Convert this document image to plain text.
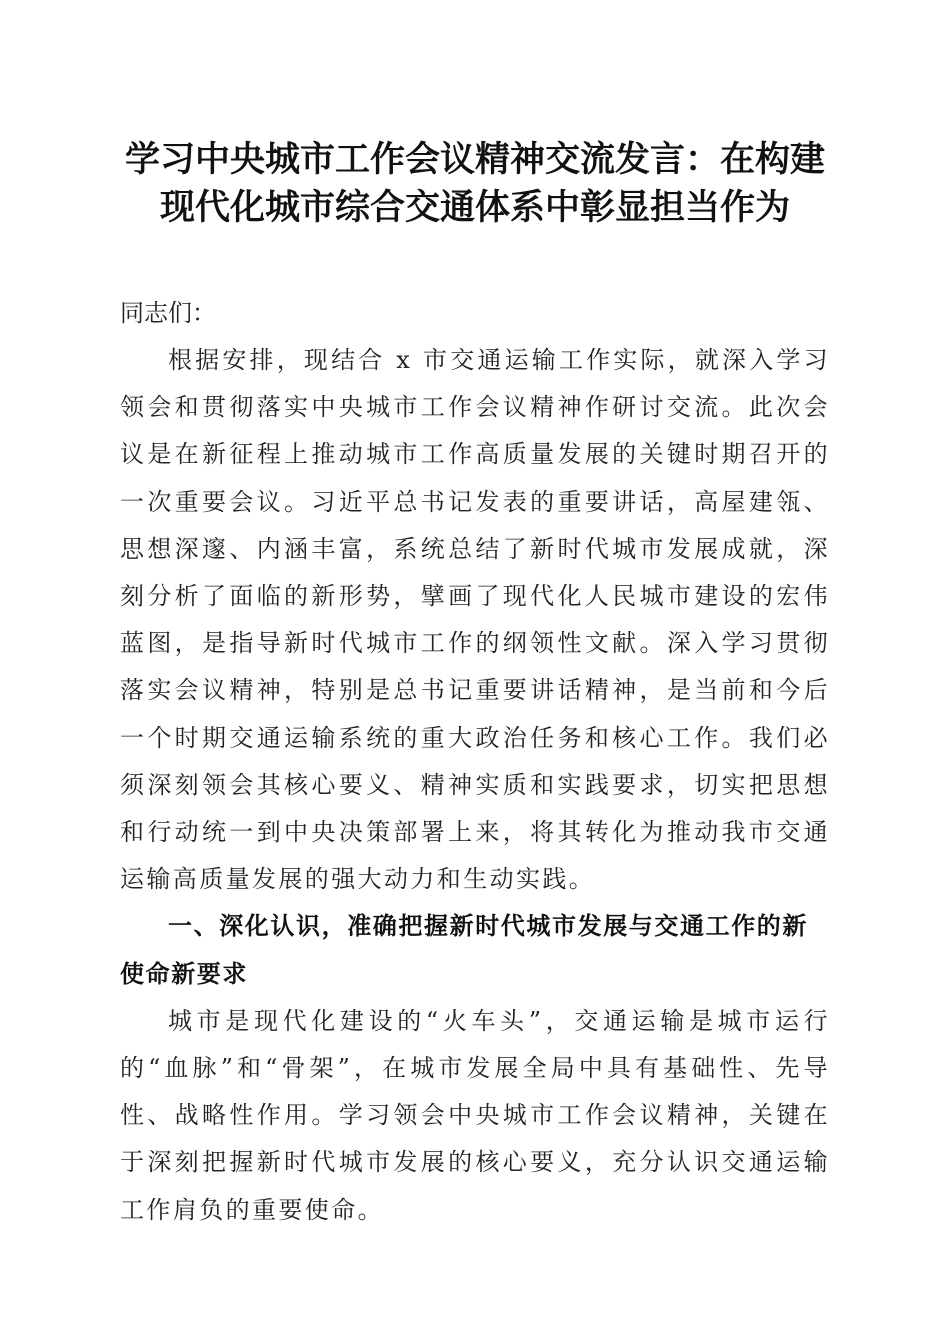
学习中央城市工作会议精神交流发言：在构建
现代化城市综合交通体系中彰显担当作为

同志们：

根据安排，现结合 x 市交通运输工作实际，就深入学习领会和贯彻落实中央城市工作会议精神作研讨交流。此次会议是在新征程上推动城市工作高质量发展的关键时期召开的一次重要会议。习近平总书记发表的重要讲话，高屋建瓴、思想深邃、内涵丰富，系统总结了新时代城市发展成就，深刻分析了面临的新形势，擘画了现代化人民城市建设的宏伟蓝图，是指导新时代城市工作的纲领性文献。深入学习贯彻落实会议精神，特别是总书记重要讲话精神，是当前和今后一个时期交通运输系统的重大政治任务和核心工作。我们必须深刻领会其核心要义、精神实质和实践要求，切实把思想和行动统一到中央决策部署上来，将其转化为推动我市交通运输高质量发展的强大动力和生动实践。

一、深化认识，准确把握新时代城市发展与交通工作的新使命新要求

城市是现代化建设的“火车头”，交通运输是城市运行的“血脉”和“骨架”，在城市发展全局中具有基础性、先导性、战略性作用。学习领会中央城市工作会议精神，关键在于深刻把握新时代城市发展的核心要义，充分认识交通运输工作肩负的重要使命。
